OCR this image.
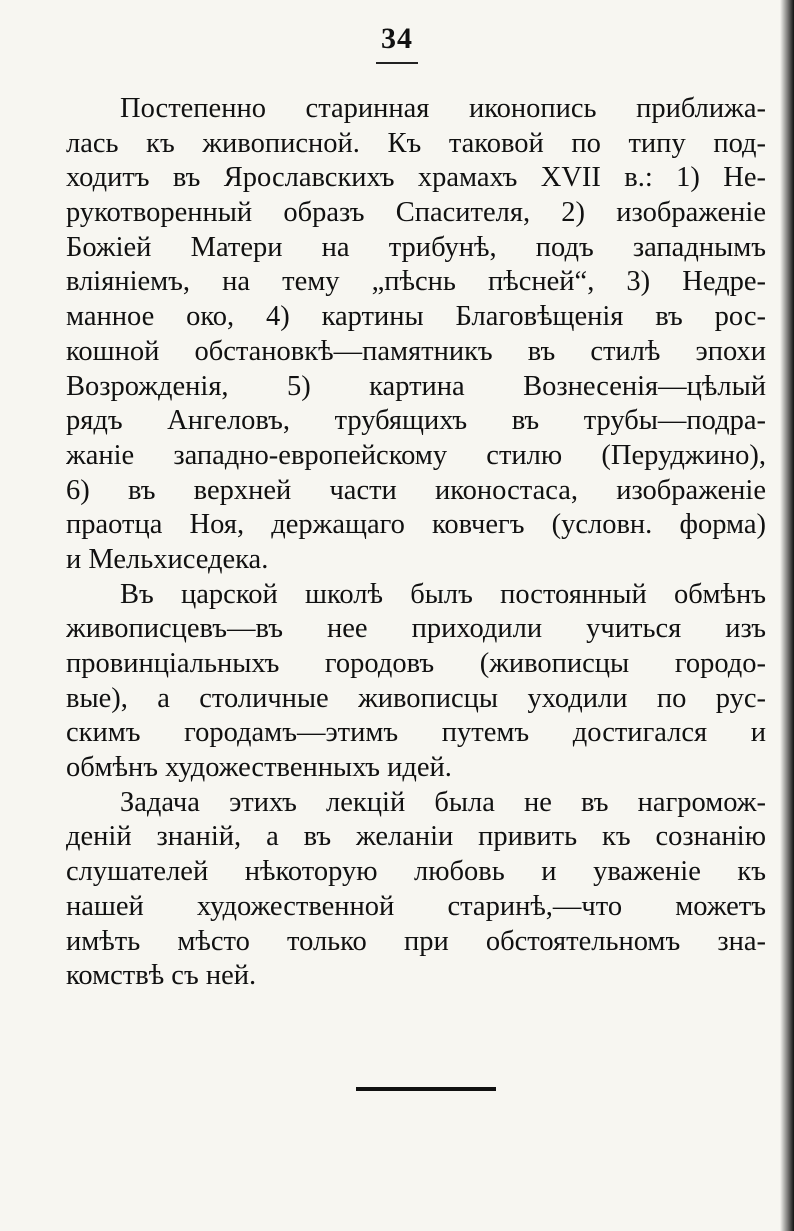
34
Постепенно старинная иконопись приближа-
лась къ живописной. Къ таковой по типу под-
ходитъ въ Ярославскихъ храмахъ XVII в.: 1) Не-
рукотворенный образъ Спасителя, 2) изображенie
Божiей Матери на трибунѣ, подъ западнымъ
влiянiемъ, на тему „пѣснь пѣсней“, 3) Недре-
манное око, 4) картины Благовѣщенiя въ рос-
кошной обстановкѣ—памятникъ въ стилѣ эпохи
Возрожденiя, 5) картина Вознесенiя—цѣлый
рядъ Ангеловъ, трубящихъ въ трубы—подра-
жанiе западно-европейскому стилю (Перуджино),
6) въ верхней части иконостаса, изображенie
праотца Ноя, держащаго ковчегъ (условн. форма)
и Мельхиседека.
Въ царской школѣ былъ постоянный обмѣнъ
живописцевъ—въ нее приходили учиться изъ
провинцiальныхъ городовъ (живописцы городо-
вые), а столичные живописцы уходили по рус-
скимъ городамъ—этимъ путемъ достигался и
обмѣнъ художественныхъ идей.
Задача этихъ лекцiй была не въ нагромож-
денiй знанiй, а въ желанiи привить къ сознанiю
слушателей нѣкоторую любовь и уваженie къ
нашей художественной старинѣ,—что можетъ
имѣть мѣсто только при обстоятельномъ зна-
комствѣ съ ней.
